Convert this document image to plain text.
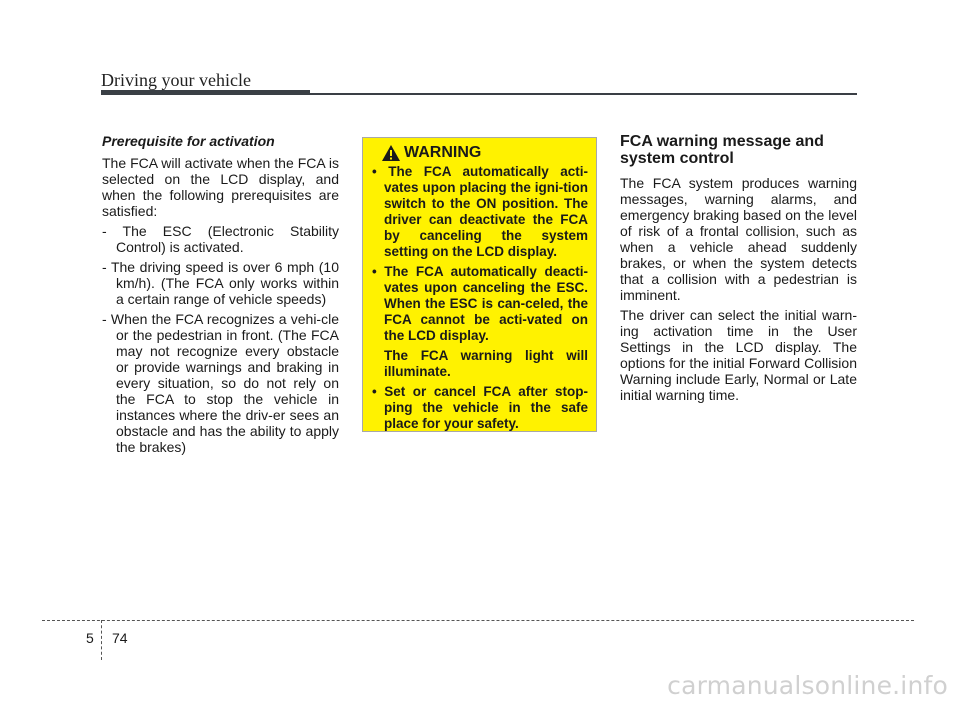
Driving your vehicle

Prerequisite for activation

The FCA will activate when the FCA is selected on the LCD display, and when the following prerequisites are satisfied:

- The ESC (Electronic Stability Control) is activated.

- The driving speed is over 6 mph (10 km/h). (The FCA only works within a certain range of vehicle speeds)

- When the FCA recognizes a vehi-cle or the pedestrian in front. (The FCA may not recognize every obstacle or provide warnings and braking in every situation, so do not rely on the FCA to stop the vehicle in instances where the driv-er sees an obstacle and has the ability to apply the brakes)

WARNING
• The FCA automatically acti-vates upon placing the igni-tion switch to the ON position. The driver can deactivate the FCA by canceling the system setting on the LCD display.
• The FCA automatically deacti-vates upon canceling the ESC. When the ESC is can-celed, the FCA cannot be acti-vated on the LCD display.
The FCA warning light will illuminate.
• Set or cancel FCA after stop-ping the vehicle in the safe place for your safety.

FCA warning message and system control

The FCA system produces warning messages, warning alarms, and emergency braking based on the level of risk of a frontal collision, such as when a vehicle ahead suddenly brakes, or when the system detects that a collision with a pedestrian is imminent.

The driver can select the initial warn-ing activation time in the User Settings in the LCD display. The options for the initial Forward Collision Warning include Early, Normal or Late initial warning time.

5 74
carmanualsonline.info
